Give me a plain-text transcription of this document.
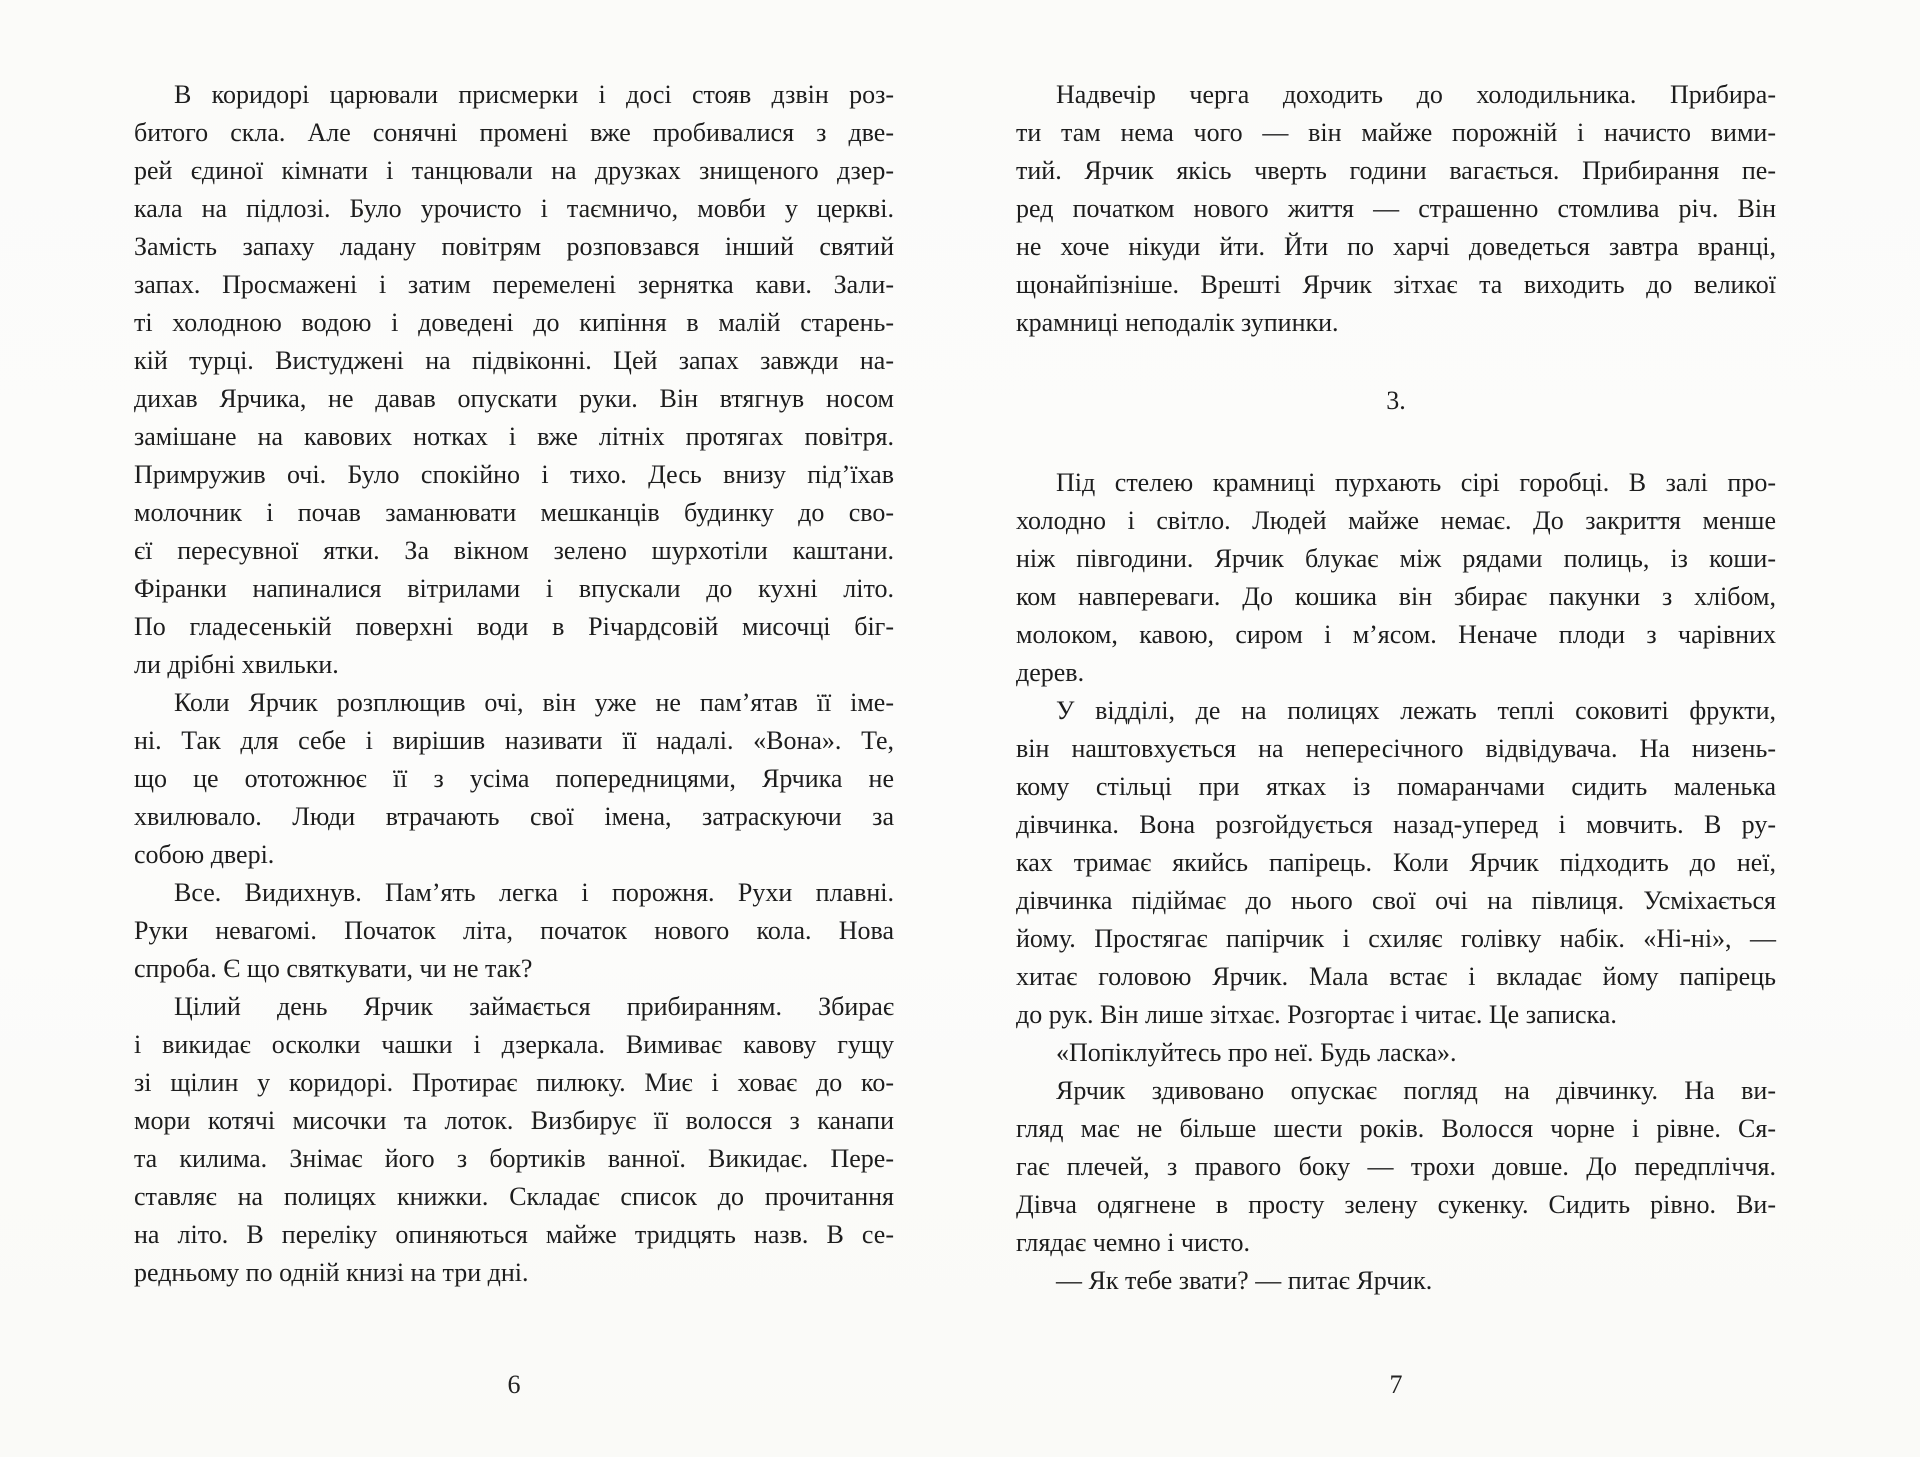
В коридорі царювали присмерки і досі стояв дзвін роз-
битого скла. Але сонячні промені вже пробивалися з две-
рей єдиної кімнати і танцювали на друзках знищеного дзер-
кала на підлозі. Було урочисто і таємничо, мовби у церкві.
Замість запаху ладану повітрям розповзався інший святий
запах. Просмажені і затим перемелені зернятка кави. Зали-
ті холодною водою і доведені до кипіння в малій старень-
кій турці. Вистуджені на підвіконні. Цей запах завжди на-
дихав Ярчика, не давав опускати руки. Він втягнув носом
замішане на кавових нотках і вже літніх протягах повітря.
Примружив очі. Було спокійно і тихо. Десь внизу під’їхав
молочник і почав заманювати мешканців будинку до сво-
єї пересувної ятки. За вікном зелено шурхотіли каштани.
Фіранки напиналися вітрилами і впускали до кухні літо.
По гладесенькій поверхні води в Річардсовій мисочці біг-
ли дрібні хвильки.
Коли Ярчик розплющив очі, він уже не пам’ятав її іме-
ні. Так для себе і вирішив називати її надалі. «Вона». Те,
що це ототожнює її з усіма попередницями, Ярчика не
хвилювало. Люди втрачають свої імена, затраскуючи за
собою двері.
Все. Видихнув. Пам’ять легка і порожня. Рухи плавні.
Руки невагомі. Початок літа, початок нового кола. Нова
спроба. Є що святкувати, чи не так?
Цілий день Ярчик займається прибиранням. Збирає
і викидає осколки чашки і дзеркала. Вимиває кавову гущу
зі щілин у коридорі. Протирає пилюку. Миє і ховає до ко-
мори котячі мисочки та лоток. Визбирує її волосся з канапи
та килима. Знімає його з бортиків ванної. Викидає. Пере-
ставляє на полицях книжки. Складає список до прочитання
на літо. В переліку опиняються майже тридцять назв. В се-
редньому по одній книзі на три дні.
Надвечір черга доходить до холодильника. Прибира-
ти там нема чого — він майже порожній і начисто вими-
тий. Ярчик якісь чверть години вагається. Прибирання пе-
ред початком нового життя — страшенно стомлива річ. Він
не хоче нікуди йти. Йти по харчі доведеться завтра вранці,
щонайпізніше. Врешті Ярчик зітхає та виходить до великої
крамниці неподалік зупинки.
3.
Під стелею крамниці пурхають сірі горобці. В залі про-
холодно і світло. Людей майже немає. До закриття менше
ніж півгодини. Ярчик блукає між рядами полиць, із коши-
ком навпереваги. До кошика він збирає пакунки з хлібом,
молоком, кавою, сиром і м’ясом. Неначе плоди з чарівних
дерев.
У відділі, де на полицях лежать теплі соковиті фрукти,
він наштовхується на непересічного відвідувача. На низень-
кому стільці при ятках із помаранчами сидить маленька
дівчинка. Вона розгойдується назад-уперед і мовчить. В ру-
ках тримає якийсь папірець. Коли Ярчик підходить до неї,
дівчинка підіймає до нього свої очі на півлиця. Усміхається
йому. Простягає папірчик і схиляє голівку набік. «Ні-ні», —
хитає головою Ярчик. Мала встає і вкладає йому папірець
до рук. Він лише зітхає. Розгортає і читає. Це записка.
«Попіклуйтесь про неї. Будь ласка».
Ярчик здивовано опускає погляд на дівчинку. На ви-
гляд має не більше шести років. Волосся чорне і рівне. Ся-
гає плечей, з правого боку — трохи довше. До передпліччя.
Дівча одягнене в просту зелену сукенку. Сидить рівно. Ви-
глядає чемно і чисто.
— Як тебе звати? — питає Ярчик.
6	7
